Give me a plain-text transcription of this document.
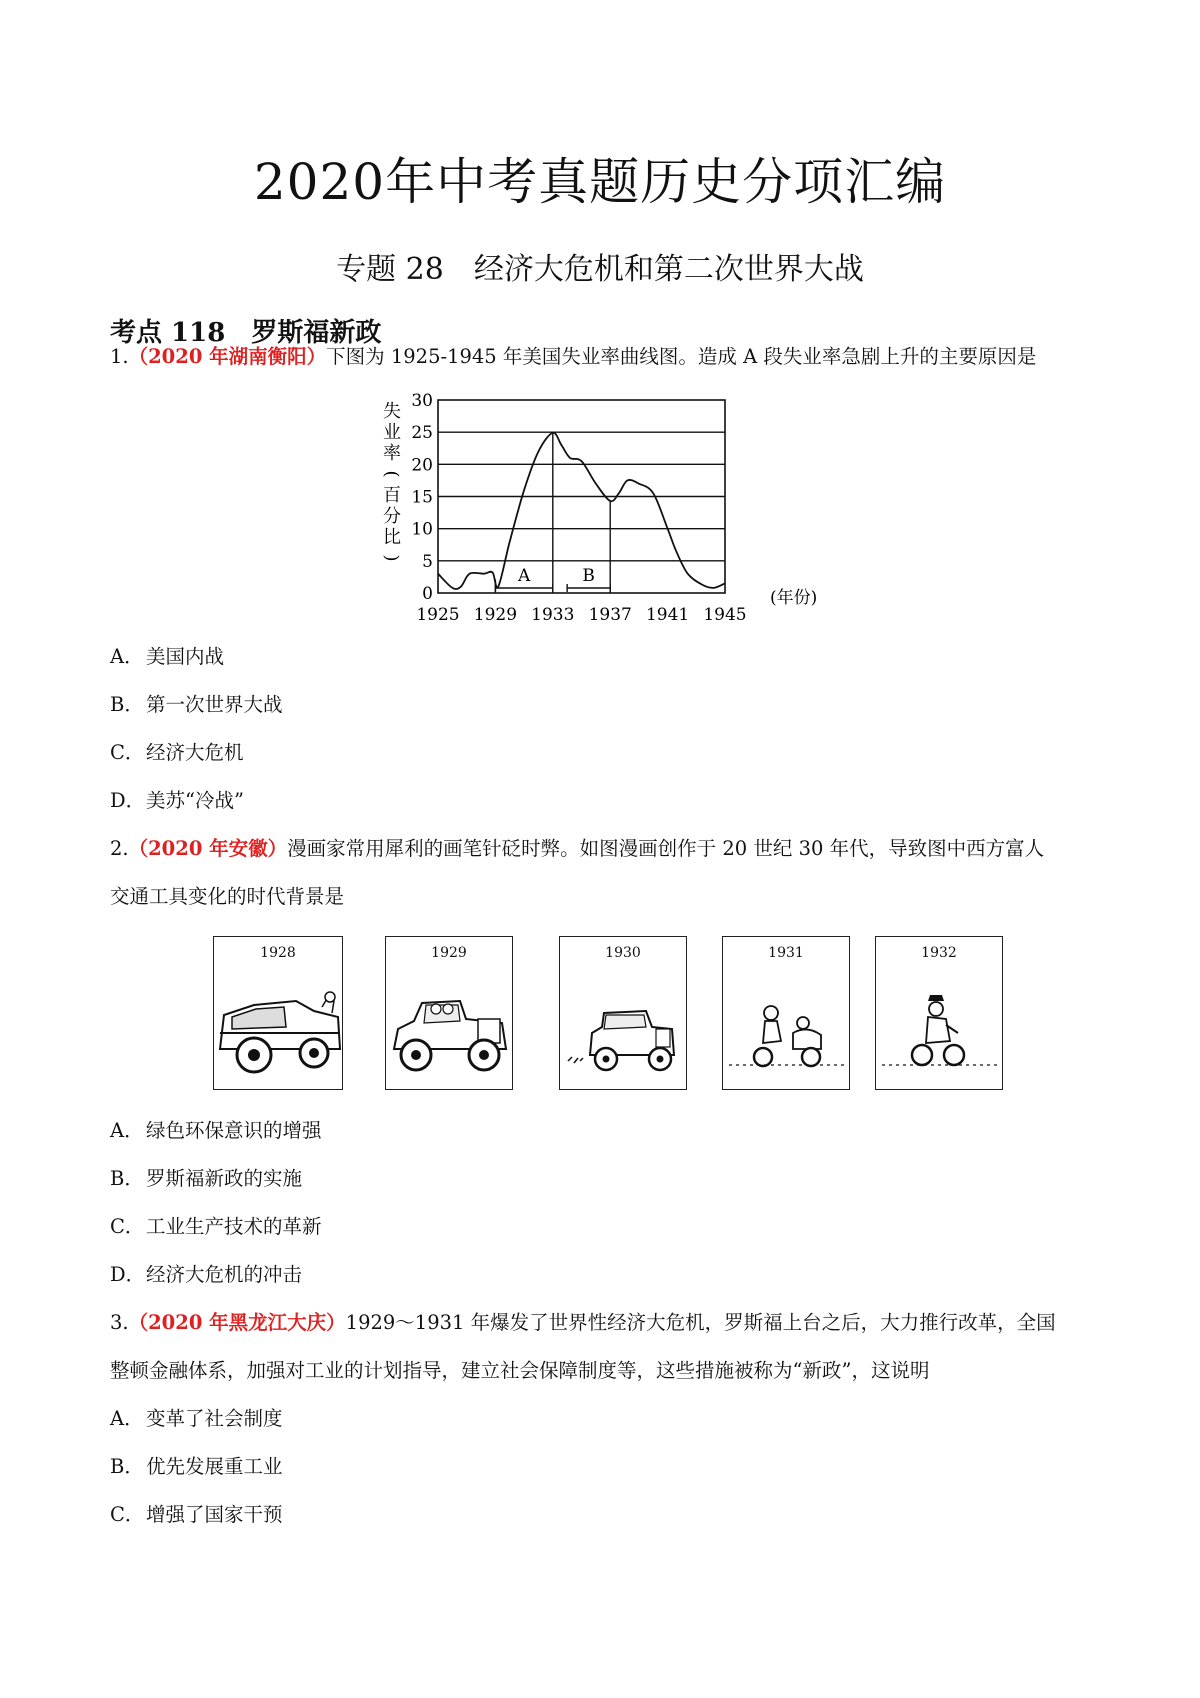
2020年中考真题历史分项汇编
专题 28　经济大危机和第二次世界大战
考点 118　罗斯福新政
1.（2020 年湖南衡阳）下图为 1925-1945 年美国失业率曲线图。造成 A 段失业率急剧上升的主要原因是
失
业
率
(
百
分
比
)
0
5
10
15
20
25
30
1925 1929 1933 1937 1941 1945
A	B
(年份)
A． 美国内战
B． 第一次世界大战
C．经济大危机
D．美苏“冷战”
2.（2020 年安徽）漫画家常用犀利的画笔针砭时弊。如图漫画创作于 20 世纪 30 年代，导致图中西方富人
交通工具变化的时代背景是
1928	1929	1930	1931	1932
A． 绿色环保意识的增强
B． 罗斯福新政的实施
C．工业生产技术的革新
D．经济大危机的冲击
3.（2020 年黑龙江大庆）1929～1931 年爆发了世界性经济大危机，罗斯福上台之后，大力推行改革，全国
整顿金融体系，加强对工业的计划指导，建立社会保障制度等，这些措施被称为“新政”，这说明
A． 变革了社会制度
B． 优先发展重工业
C．增强了国家干预
